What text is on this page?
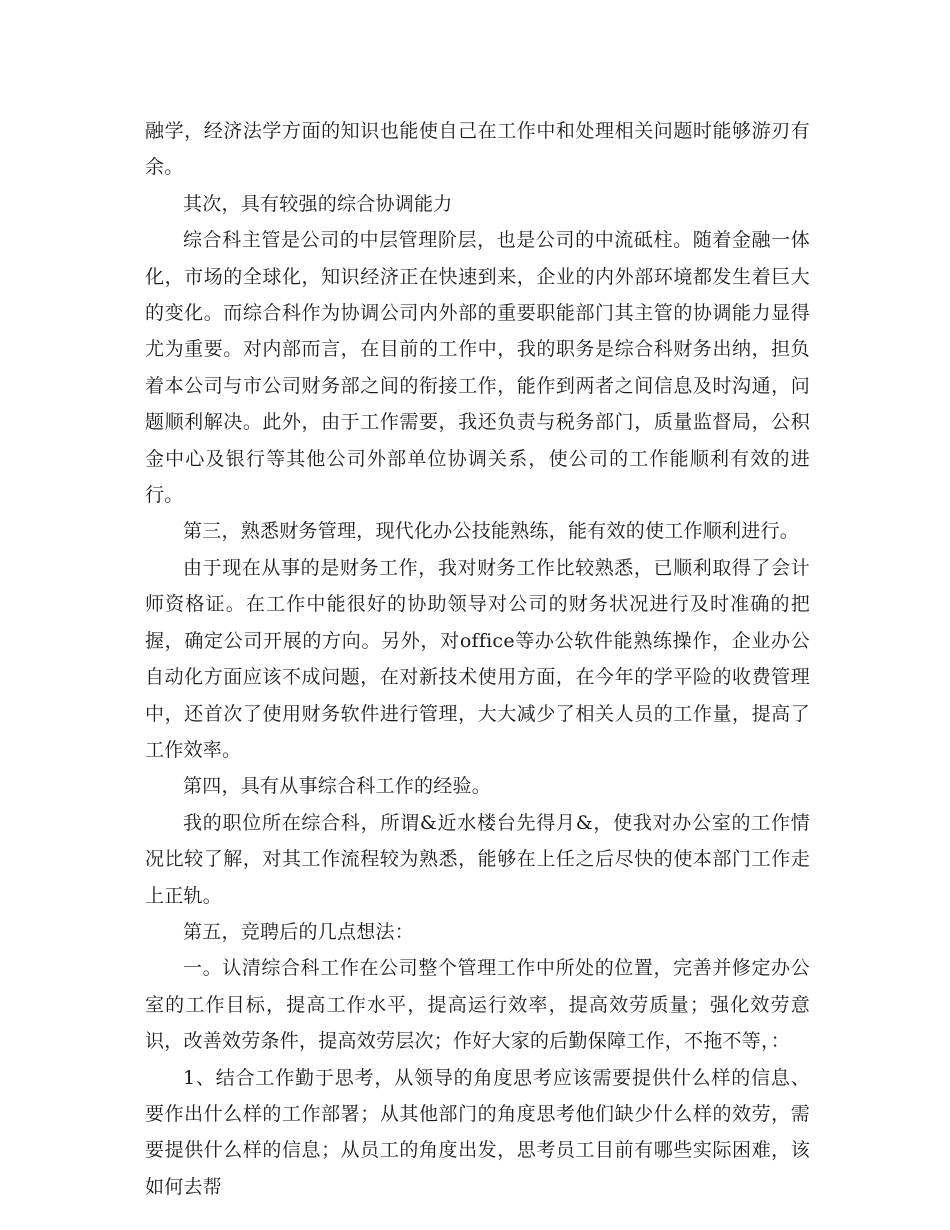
融学，经济法学方面的知识也能使自己在工作中和处理相关问题时能够游刃有余。

其次，具有较强的综合协调能力

综合科主管是公司的中层管理阶层，也是公司的中流砥柱。随着金融一体化，市场的全球化，知识经济正在快速到来，企业的内外部环境都发生着巨大的变化。而综合科作为协调公司内外部的重要职能部门其主管的协调能力显得尤为重要。对内部而言，在目前的工作中，我的职务是综合科财务出纳，担负着本公司与市公司财务部之间的衔接工作，能作到两者之间信息及时沟通，问题顺利解决。此外，由于工作需要，我还负责与税务部门，质量监督局，公积金中心及银行等其他公司外部单位协调关系，使公司的工作能顺利有效的进行。

第三，熟悉财务管理，现代化办公技能熟练，能有效的使工作顺利进行。

由于现在从事的是财务工作，我对财务工作比较熟悉，已顺利取得了会计师资格证。在工作中能很好的协助领导对公司的财务状况进行及时准确的把握，确定公司开展的方向。另外，对office等办公软件能熟练操作，企业办公自动化方面应该不成问题，在对新技术使用方面，在今年的学平险的收费管理中，还首次了使用财务软件进行管理，大大减少了相关人员的工作量，提高了工作效率。

第四，具有从事综合科工作的经验。

我的职位所在综合科，所谓&近水楼台先得月&，使我对办公室的工作情况比较了解，对其工作流程较为熟悉，能够在上任之后尽快的使本部门工作走上正轨。

第五，竞聘后的几点想法：

一。认清综合科工作在公司整个管理工作中所处的位置，完善并修定办公室的工作目标，提高工作水平，提高运行效率，提高效劳质量；强化效劳意识，改善效劳条件，提高效劳层次；作好大家的后勤保障工作，不拖不等，：

1、结合工作勤于思考，从领导的角度思考应该需要提供什么样的信息、要作出什么样的工作部署；从其他部门的角度思考他们缺少什么样的效劳，需要提供什么样的信息；从员工的角度出发，思考员工目前有哪些实际困难，该如何去帮
